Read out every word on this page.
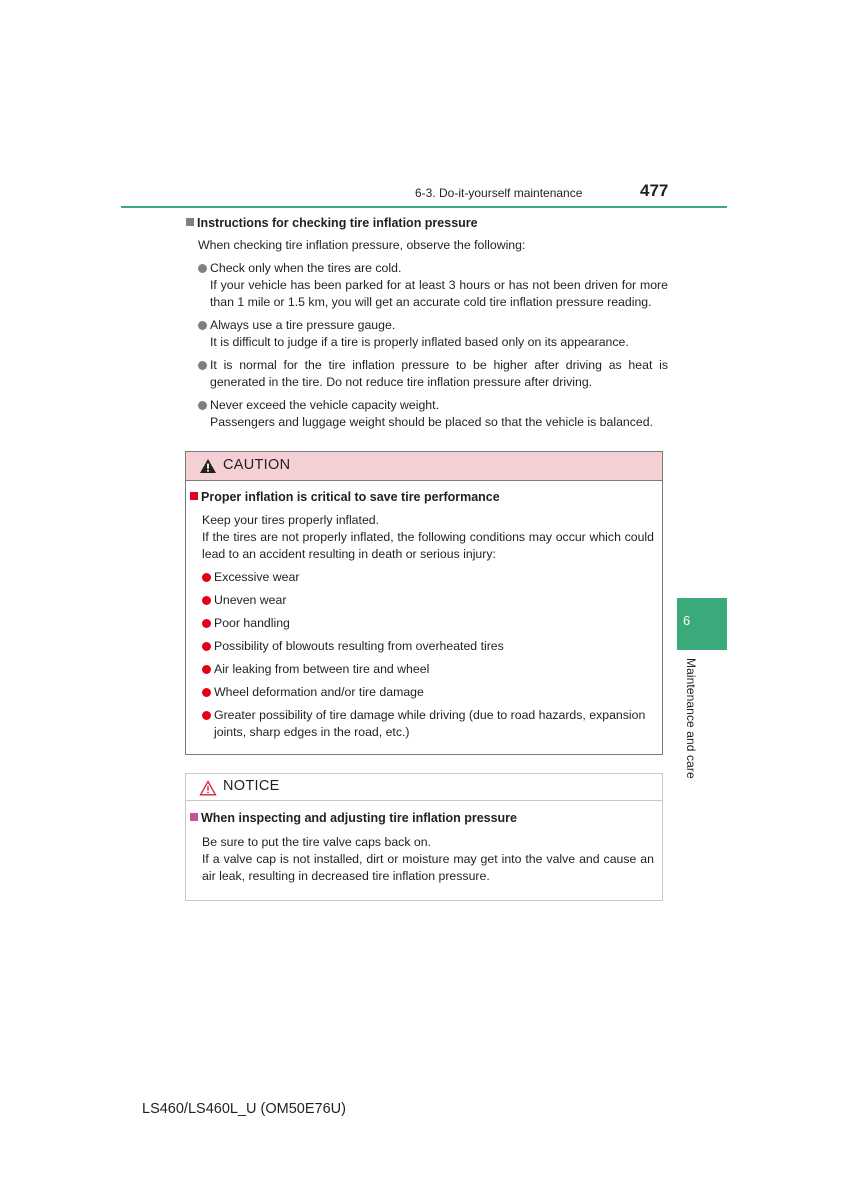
6-3. Do-it-yourself maintenance	477
6
Maintenance and care
Instructions for checking tire inflation pressure
When checking tire inflation pressure, observe the following:
Check only when the tires are cold.
If your vehicle has been parked for at least 3 hours or has not been driven for more than 1 mile or 1.5 km, you will get an accurate cold tire inflation pressure reading.
Always use a tire pressure gauge.
It is difficult to judge if a tire is properly inflated based only on its appearance.
It is normal for the tire inflation pressure to be higher after driving as heat is generated in the tire. Do not reduce tire inflation pressure after driving.
Never exceed the vehicle capacity weight.
Passengers and luggage weight should be placed so that the vehicle is balanced.
CAUTION
Proper inflation is critical to save tire performance
Keep your tires properly inflated.
If the tires are not properly inflated, the following conditions may occur which could lead to an accident resulting in death or serious injury:
Excessive wear
Uneven wear
Poor handling
Possibility of blowouts resulting from overheated tires
Air leaking from between tire and wheel
Wheel deformation and/or tire damage
Greater possibility of tire damage while driving (due to road hazards, expansion joints, sharp edges in the road, etc.)
NOTICE
When inspecting and adjusting tire inflation pressure
Be sure to put the tire valve caps back on.
If a valve cap is not installed, dirt or moisture may get into the valve and cause an air leak, resulting in decreased tire inflation pressure.
LS460/LS460L_U (OM50E76U)
